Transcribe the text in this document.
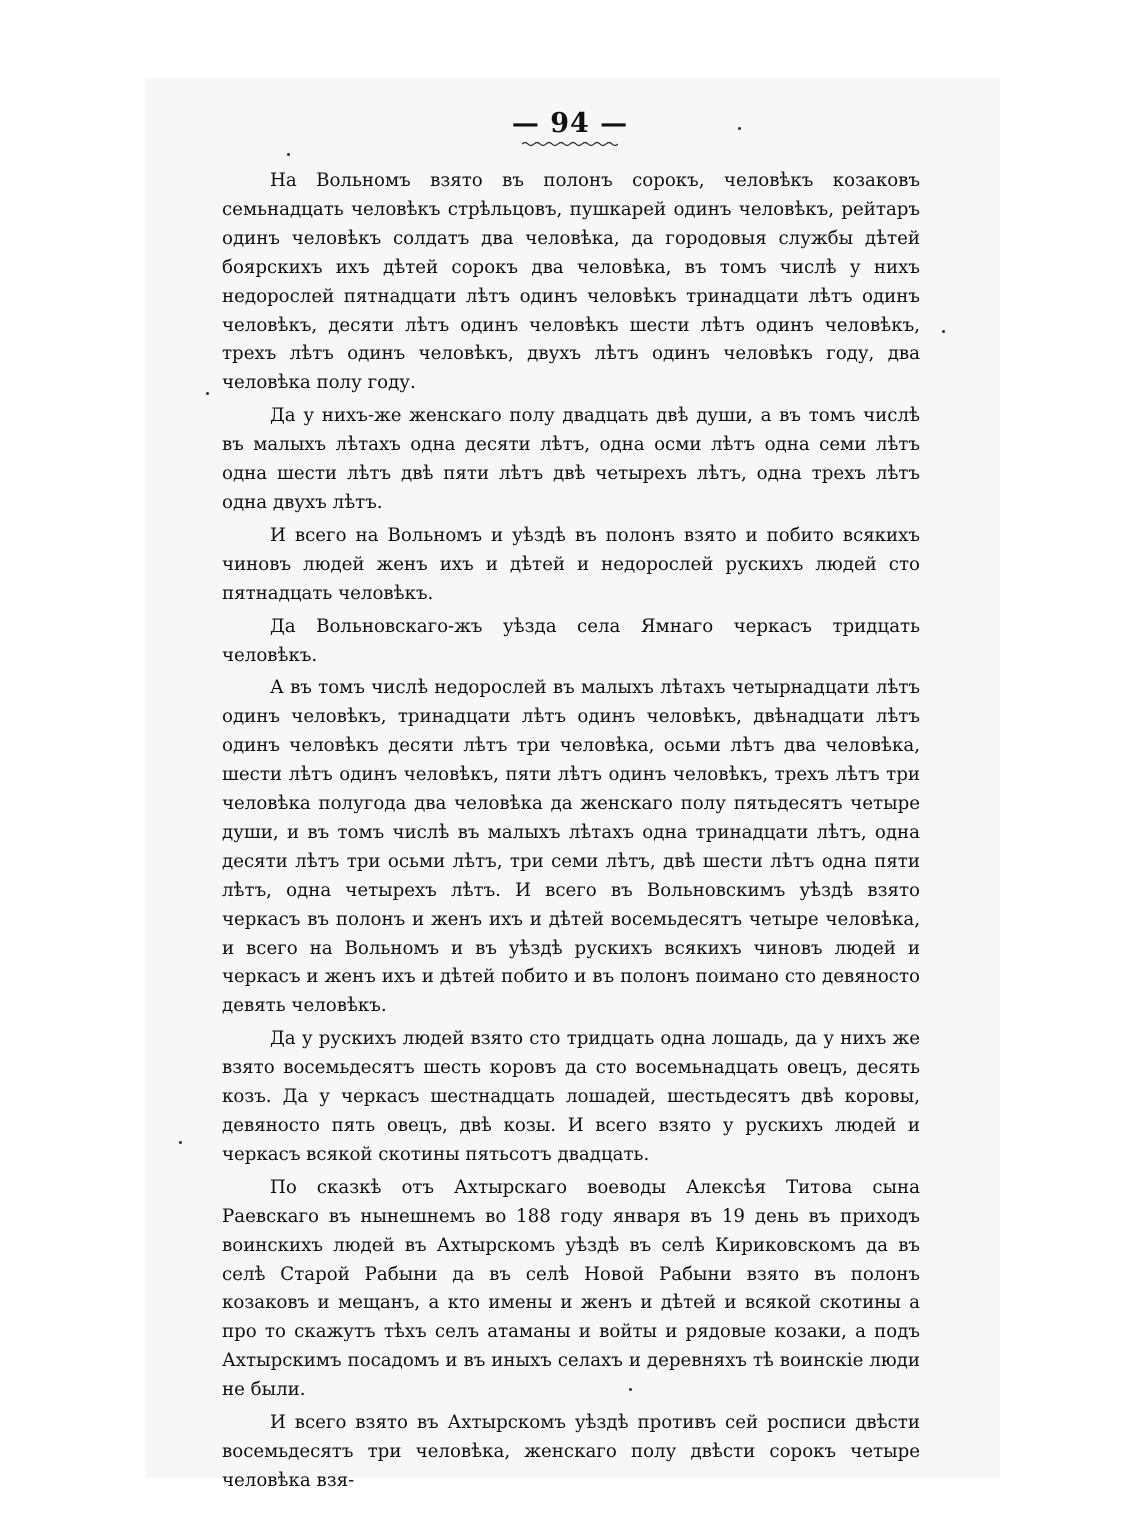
— 94 —

На Вольномъ взято въ полонъ сорокъ, человѣкъ козаковъ семьнадцать человѣкъ стрѣльцовъ, пушкарей одинъ человѣкъ, рейтаръ одинъ человѣкъ солдатъ два человѣка, да городовыя службы дѣтей боярскихъ ихъ дѣтей сорокъ два человѣка, въ томъ числѣ у нихъ недорослей пятнадцати лѣтъ одинъ человѣкъ тринадцати лѣтъ одинъ человѣкъ, десяти лѣтъ одинъ человѣкъ шести лѣтъ одинъ человѣкъ, трехъ лѣтъ одинъ человѣкъ, двухъ лѣтъ одинъ человѣкъ году, два человѣка полу году.

Да у нихъ-же женскаго полу двадцать двѣ души, а въ томъ числѣ въ малыхъ лѣтахъ одна десяти лѣтъ, одна осми лѣтъ одна семи лѣтъ одна шести лѣтъ двѣ пяти лѣтъ двѣ четырехъ лѣтъ, одна трехъ лѣтъ одна двухъ лѣтъ.

И всего на Вольномъ и уѣздѣ въ полонъ взято и побито всякихъ чиновъ людей женъ ихъ и дѣтей и недорослей рускихъ людей сто пятнадцать человѣкъ.

Да Вольновскаго-жъ уѣзда села Ямнаго черкасъ тридцать человѣкъ.

А въ томъ числѣ недорослей въ малыхъ лѣтахъ четырнадцати лѣтъ одинъ человѣкъ, тринадцати лѣтъ одинъ человѣкъ, двѣнадцати лѣтъ одинъ человѣкъ десяти лѣтъ три человѣка, осьми лѣтъ два человѣка, шести лѣтъ одинъ человѣкъ, пяти лѣтъ одинъ человѣкъ, трехъ лѣтъ три человѣка полугода два человѣка да женскаго полу пятьдесятъ четыре души, и въ томъ числѣ въ малыхъ лѣтахъ одна тринадцати лѣтъ, одна десяти лѣтъ три осьми лѣтъ, три семи лѣтъ, двѣ шести лѣтъ одна пяти лѣтъ, одна четырехъ лѣтъ. И всего въ Вольновскимъ уѣздѣ взято черкасъ въ полонъ и женъ ихъ и дѣтей восемьдесятъ четыре человѣка, и всего на Вольномъ и въ уѣздѣ рускихъ всякихъ чиновъ людей и черкасъ и женъ ихъ и дѣтей побито и въ полонъ поимано сто девяносто девять человѣкъ.

Да у рускихъ людей взято сто тридцать одна лошадь, да у нихъ же взято восемьдесятъ шесть коровъ да сто восемьнадцать овецъ, десять козъ. Да у черкасъ шестнадцать лошадей, шестьдесятъ двѣ коровы, девяносто пять овецъ, двѣ козы. И всего взято у рускихъ людей и черкасъ всякой скотины пятьсотъ двадцать.

По сказкѣ отъ Ахтырскаго воеводы Алексѣя Титова сына Раевскаго въ нынешнемъ во 188 году января въ 19 день въ приходъ воинскихъ людей въ Ахтырскомъ уѣздѣ въ селѣ Кириковскомъ да въ селѣ Старой Рабыни да въ селѣ Новой Рабыни взято въ полонъ козаковъ и мещанъ, а кто имены и женъ и дѣтей и всякой скотины а про то скажутъ тѣхъ селъ атаманы и войты и рядовые козаки, а подъ Ахтырскимъ посадомъ и въ иныхъ селахъ и деревняхъ тѣ воинскіе люди не были.

И всего взято въ Ахтырскомъ уѣздѣ противъ сей росписи двѣсти восемьдесятъ три человѣка, женскаго полу двѣсти сорокъ четыре человѣка взя-
